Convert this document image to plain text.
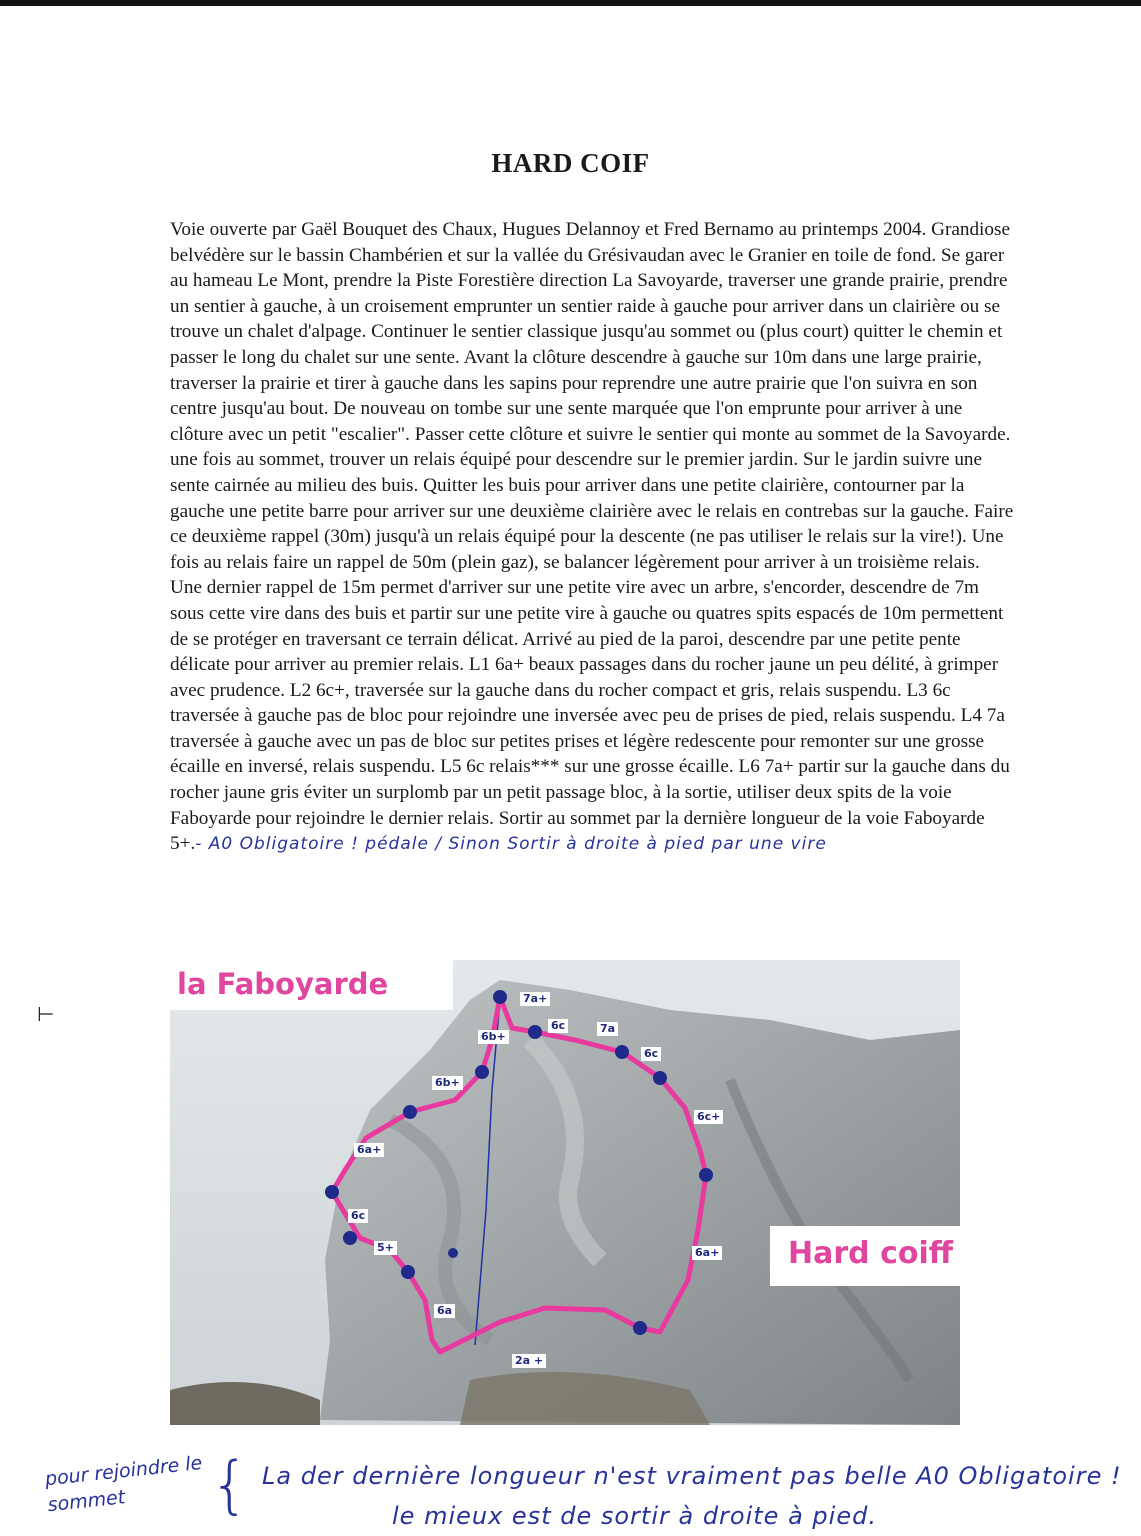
HARD COIF

Voie ouverte par Gaël Bouquet des Chaux, Hugues Delannoy et Fred Bernamo au printemps 2004. Grandiose belvédère sur le bassin Chambérien et sur la vallée du Grésivaudan avec le Granier en toile de fond. Se garer au hameau Le Mont, prendre la Piste Forestière direction La Savoyarde, traverser une grande prairie, prendre un sentier à gauche, à un croisement emprunter un sentier raide à gauche pour arriver dans un clairière ou se trouve un chalet d'alpage. Continuer le sentier classique jusqu'au sommet ou (plus court) quitter le chemin et passer le long du chalet sur une sente. Avant la clôture descendre à gauche sur 10m dans une large prairie, traverser la prairie et tirer à gauche dans les sapins pour reprendre une autre prairie que l'on suivra en son centre jusqu'au bout. De nouveau on tombe sur une sente marquée que l'on emprunte pour arriver à une clôture avec un petit "escalier". Passer cette clôture et suivre le sentier qui monte au sommet de la Savoyarde. une fois au sommet, trouver un relais équipé pour descendre sur le premier jardin. Sur le jardin suivre une sente cairnée au milieu des buis. Quitter les buis pour arriver dans une petite clairière, contourner par la gauche une petite barre pour arriver sur une deuxième clairière avec le relais en contrebas sur la gauche. Faire ce deuxième rappel (30m) jusqu'à un relais équipé pour la descente (ne pas utiliser le relais sur la vire!). Une fois au relais faire un rappel de 50m (plein gaz), se balancer légèrement pour arriver à un troisième relais. Une dernier rappel de 15m permet d'arriver sur une petite vire avec un arbre, s'encorder, descendre de 7m sous cette vire dans des buis et partir sur une petite vire à gauche ou quatres spits espacés de 10m permettent de se protéger en traversant ce terrain délicat. Arrivé au pied de la paroi, descendre par une petite pente délicate pour arriver au premier relais. L1 6a+ beaux passages dans du rocher jaune un peu délité, à grimper avec prudence. L2 6c+, traversée sur la gauche dans du rocher compact et gris, relais suspendu. L3 6c traversée à gauche pas de bloc pour rejoindre une inversée avec peu de prises de pied, relais suspendu. L4 7a traversée à gauche avec un pas de bloc sur petites prises et légère redescente pour remonter sur une grosse écaille en inversé, relais suspendu. L5 6c relais*** sur une grosse écaille. L6 7a+ partir sur la gauche dans du rocher jaune gris éviter un surplomb par un petit passage bloc, à la sortie, utiliser deux spits de la voie Faboyarde pour rejoindre le dernier relais. Sortir au sommet par la dernière longueur de la voie Faboyarde 5+.- A0 Obligatoire ! pédale / Sinon Sortir à droite à pied par une vire

⊢
la Faboyarde
Hard coiff
7a+
6c	7a
6c
6b+
6b+
6c+
6a+
6c
5+	6a+
6a
2a +
pour rejoindre le sommet	{ La der dernière longueur n'est vraiment pas belle A0 Obligatoire !
le mieux est de sortir à droite à pied.
